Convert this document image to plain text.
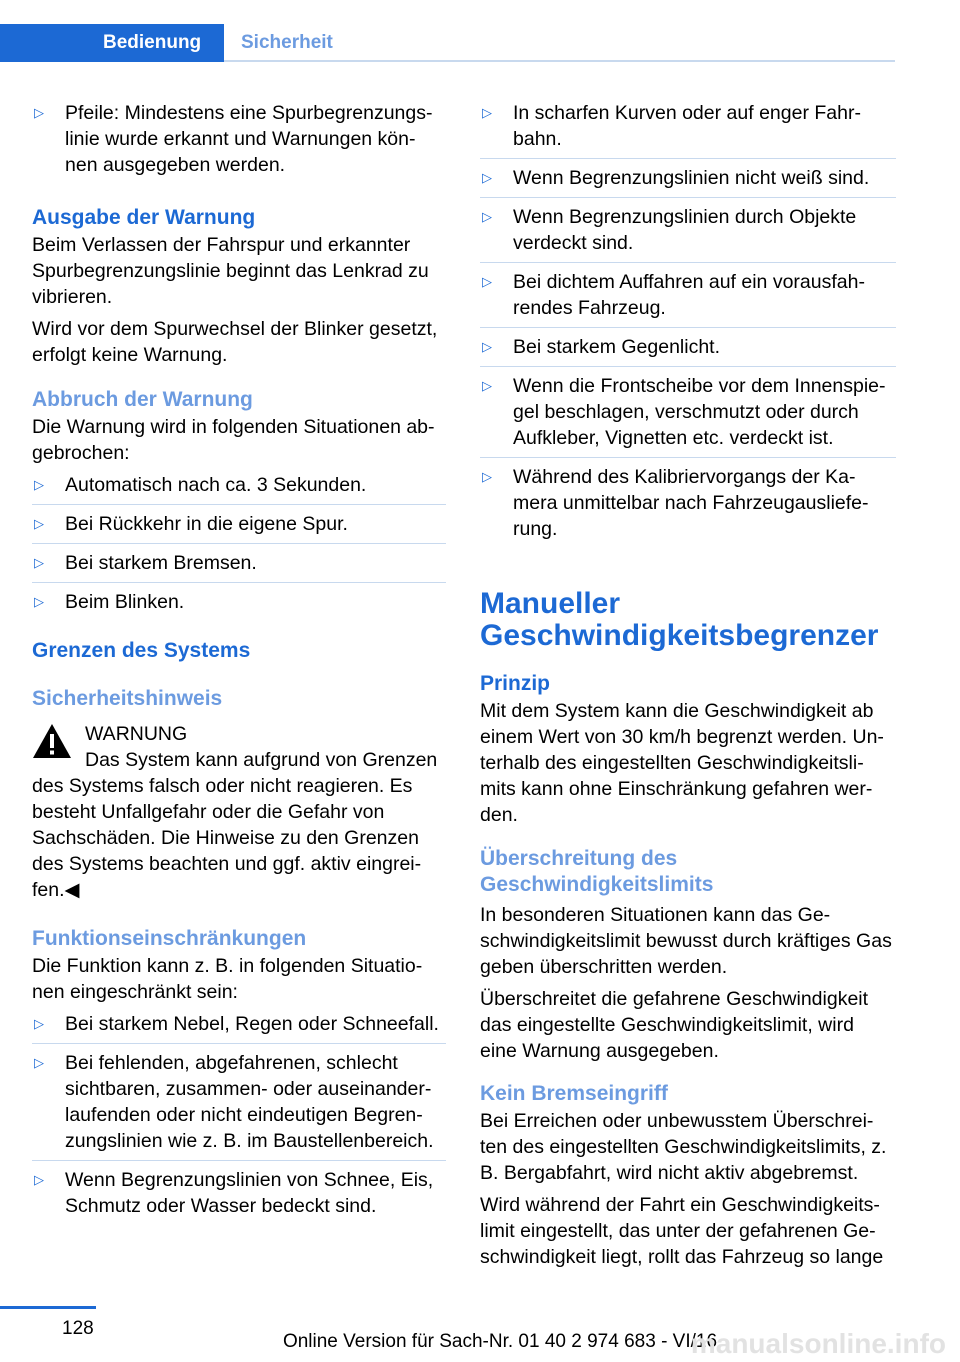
Bedienung	Sicherheit
▷ Pfeile: Mindestens eine Spurbegrenzungs-linie wurde erkannt und Warnungen kön-nen ausgegeben werden.
Ausgabe der Warnung

Beim Verlassen der Fahrspur und erkannter Spurbegrenzungslinie beginnt das Lenkrad zu vibrieren.

Wird vor dem Spurwechsel der Blinker gesetzt, erfolgt keine Warnung.

Abbruch der Warnung

Die Warnung wird in folgenden Situationen ab-gebrochen:

▷ Automatisch nach ca. 3 Sekunden.
▷ Bei Rückkehr in die eigene Spur.
▷ Bei starkem Bremsen.
▷ Beim Blinken.
Grenzen des Systems
Sicherheitshinweis
WARNUNG

Das System kann aufgrund von Grenzen des Systems falsch oder nicht reagieren. Es besteht Unfallgefahr oder die Gefahr von Sachschäden. Die Hinweise zu den Grenzen des Systems beachten und ggf. aktiv eingrei-fen.◀

Funktionseinschränkungen

Die Funktion kann z. B. in folgenden Situatio-nen eingeschränkt sein:

▷ Bei starkem Nebel, Regen oder Schneefall.
▷ Bei fehlenden, abgefahrenen, schlecht sichtbaren, zusammen- oder auseinander-laufenden oder nicht eindeutigen Begren-zungslinien wie z. B. im Baustellenbereich.
▷ Wenn Begrenzungslinien von Schnee, Eis, Schmutz oder Wasser bedeckt sind.
▷ In scharfen Kurven oder auf enger Fahr-bahn.
▷ Wenn Begrenzungslinien nicht weiß sind.
▷ Wenn Begrenzungslinien durch Objekte verdeckt sind.
▷ Bei dichtem Auffahren auf ein vorausfah-rendes Fahrzeug.
▷ Bei starkem Gegenlicht.
▷ Wenn die Frontscheibe vor dem Innenspie-gel beschlagen, verschmutzt oder durch Aufkleber, Vignetten etc. verdeckt ist.
▷ Während des Kalibriervorgangs der Ka-mera unmittelbar nach Fahrzeugausliefe-rung.
Manueller Geschwindigkeitsbegrenzer
Prinzip

Mit dem System kann die Geschwindigkeit ab einem Wert von 30 km/h begrenzt werden. Un-terhalb des eingestellten Geschwindigkeitsli-mits kann ohne Einschränkung gefahren wer-den.

Überschreitung des Geschwindigkeitslimits

In besonderen Situationen kann das Ge-schwindigkeitslimit bewusst durch kräftiges Gas geben überschritten werden.

Überschreitet die gefahrene Geschwindigkeit das eingestellte Geschwindigkeitslimit, wird eine Warnung ausgegeben.

Kein Bremseingriff

Bei Erreichen oder unbewusstem Überschrei-ten des eingestellten Geschwindigkeitslimits, z. B. Bergabfahrt, wird nicht aktiv abgebremst.

Wird während der Fahrt ein Geschwindigkeits-limit eingestellt, das unter der gefahrenen Ge-schwindigkeit liegt, rollt das Fahrzeug so lange

128
Online Version für Sach-Nr. 01 40 2 974 683 - VI/16
manualsonline.info
